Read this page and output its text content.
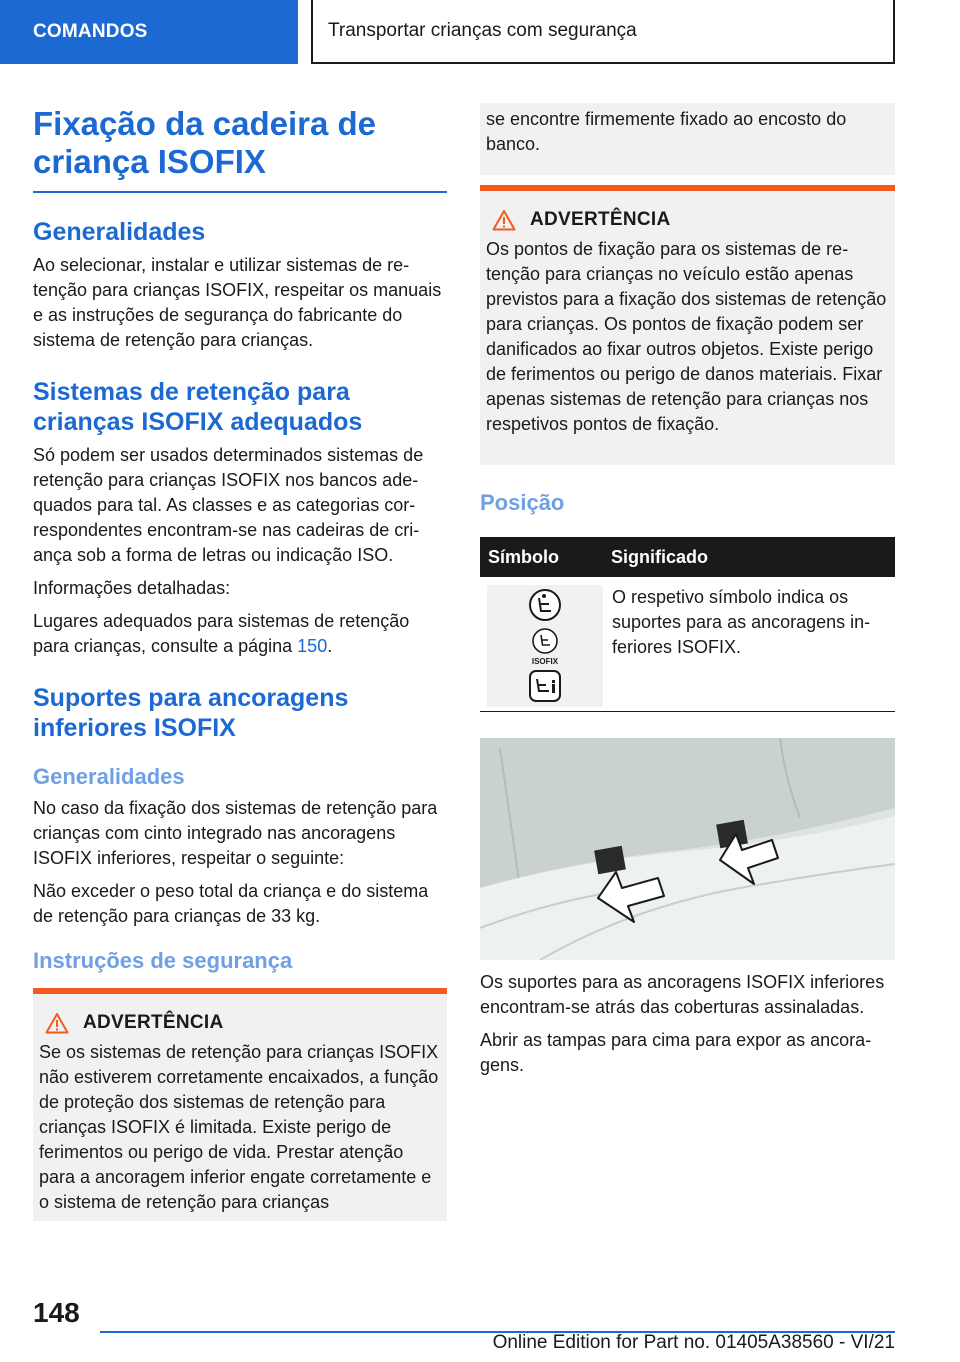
COMANDOS	Transportar crianças com segurança
Fixação da cadeira de criança ISOFIX
Generalidades

Ao selecionar, instalar e utilizar sistemas de retenção para crianças ISOFIX, respeitar os manuais e as instruções de segurança do fabricante do sistema de retenção para crianças.

Sistemas de retenção para crianças ISOFIX adequados

Só podem ser usados determinados sistemas de retenção para crianças ISOFIX nos bancos adequados para tal. As classes e as categorias correspondentes encontram-se nas cadeiras de criança sob a forma de letras ou indicação ISO.

Informações detalhadas:

Lugares adequados para sistemas de retenção para crianças, consulte a página 150.

Suportes para ancoragens inferiores ISOFIX
Generalidades

No caso da fixação dos sistemas de retenção para crianças com cinto integrado nas ancoragens ISOFIX inferiores, respeitar o seguinte:

Não exceder o peso total da criança e do sistema de retenção para crianças de 33 kg.

Instruções de segurança
ADVERTÊNCIA

Se os sistemas de retenção para crianças ISOFIX não estiverem corretamente encaixados, a função de proteção dos sistemas de retenção para crianças ISOFIX é limitada. Existe perigo de ferimentos ou perigo de vida. Prestar atenção para a ancoragem inferior engate corretamente e o sistema de retenção para crianças

se encontre firmemente fixado ao encosto do banco.
ADVERTÊNCIA

Os pontos de fixação para os sistemas de retenção para crianças no veículo estão apenas previstos para a fixação dos sistemas de retenção para crianças. Os pontos de fixação podem ser danificados ao fixar outros objetos. Existe perigo de ferimentos ou perigo de danos materiais. Fixar apenas sistemas de retenção para crianças nos respetivos pontos de fixação.

Posição
Símbolo	Significado
ISOFIX
O respetivo símbolo indica os suportes para as ancoragens inferiores ISOFIX.

Os suportes para as ancoragens ISOFIX inferiores encontram-se atrás das coberturas assinaladas.

Abrir as tampas para cima para expor as ancoragens.

148
Online Edition for Part no. 01405A38560 - VI/21
